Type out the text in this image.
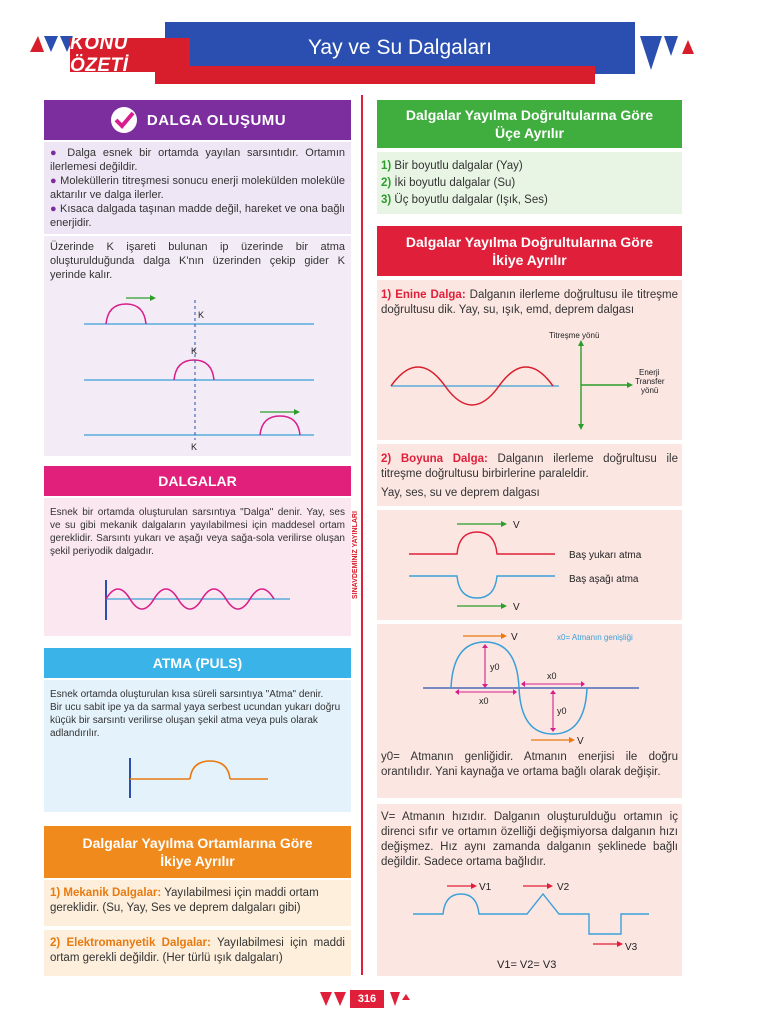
KONU ÖZETİ
Yay ve Su Dalgaları
DALGA OLUŞUMU
● Dalga esnek bir ortamda yayılan sarsıntıdır. Ortamın ilerlemesi değildir.
● Moleküllerin titreşmesi sonucu enerji molekülden moleküle aktarılır ve dalga ilerler.
● Kısaca dalgada taşınan madde değil, hareket ve ona bağlı enerjidir.
Üzerinde K işareti bulunan ip üzerinde bir atma oluşturulduğunda dalga K'nın üzerinden çekip gider K yerinde kalır.
K
K
K
DALGALAR
Esnek bir ortamda oluşturulan sarsıntıya "Dalga" denir. Yay, ses ve su gibi mekanik dalgaların yayılabilmesi için maddesel ortam gereklidir. Sarsıntı yukarı ve aşağı veya sağa-sola verilirse oluşan şekil periyodik dalgadır.
ATMA (PULS)
Esnek ortamda oluşturulan kısa süreli sarsıntıya "Atma" denir.
Bir ucu sabit ipe ya da sarmal yaya serbest ucundan yukarı doğru küçük bir sarsıntı verilirse oluşan şekil atma veya puls olarak adlandırılır.
Dalgalar Yayılma Ortamlarına Göre
İkiye Ayrılır
1) Mekanik Dalgalar: Yayılabilmesi için maddi ortam gereklidir. (Su, Yay, Ses ve deprem dalgaları gibi)
2) Elektromanyetik Dalgalar: Yayılabilmesi için maddi ortam gerekli değildir. (Her türlü ışık dalgaları)
SINAVDEMİNİZ YAYINLARI
Dalgalar Yayılma Doğrultularına Göre
Üçe Ayrılır
1) Bir boyutlu dalgalar (Yay)
2) İki boyutlu dalgalar (Su)
3) Üç boyutlu dalgalar (Işık, Ses)
Dalgalar Yayılma Doğrultularına Göre
İkiye Ayrılır
1) Enine Dalga: Dalganın ilerleme doğrultusu ile titreşme doğrultusu dik. Yay, su, ışık, emd, deprem dalgası
Titreşme yönü
Enerji
Transfer
yönü
2) Boyuna Dalga: Dalganın ilerleme doğrultusu ile titreşme doğrultusu birbirlerine paraleldir.
Yay, ses, su ve deprem dalgası
V
Baş yukarı atma
Baş aşağı atma
V
V	x0= Atmanın genişliği
y0
x0
x0
y0
V
y0= Atmanın genliğidir. Atmanın enerjisi ile doğru orantılıdır. Yani kaynağa ve ortama bağlı olarak değişir.
V= Atmanın hızıdır. Dalganın oluşturulduğu ortamın iç direnci sıfır ve ortamın özelliği değişmiyorsa dalganın hızı değişmez. Hız aynı zamanda dalganın şeklinede bağlı değildir. Sadece ortama bağlıdır.
V1	V2
V3
V1= V2= V3
316
